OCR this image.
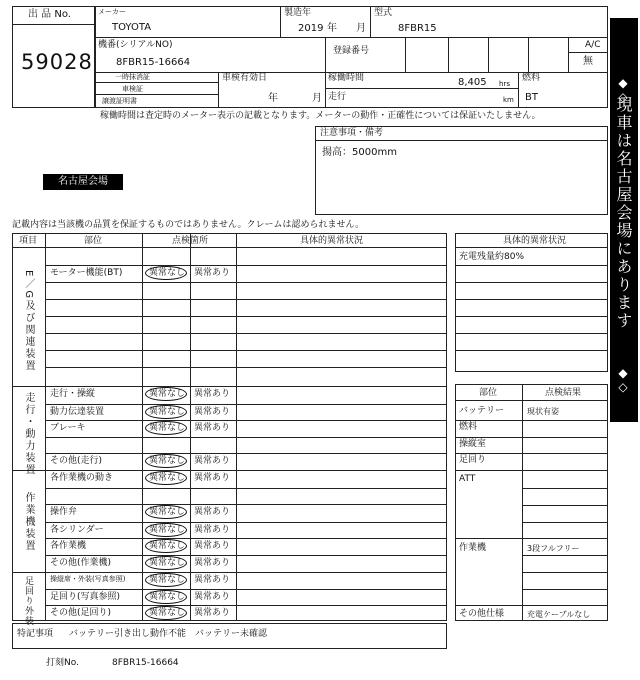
出 品 No.
59028
メーカー
TOYOTA
製造年
2019 年 月
型式
8FBR15
機番(シリアルNO)
8FBR15-16664
登録番号
A/C
無
一時抹消証
車検証
譲渡証明書
車検有効日
年	月
稼働時間	8,405 hrs
走行	km
燃料
BT
稼働時間は査定時のメーター表示の記載となります。メーターの動作・正確性については保証いたしません。
注意事項・備考
揚高：5000mm
名古屋会場
◆◇
現車は名古屋会場にあります
◆◇
記載内容は当該機の品質を保証するものではありません。クレームは認められません。
項目	部位	点検箇所	具体的異常状況
E／G及び関連装置
走行・動力装置
作業機装置
足回り外装
モーター機能(BT)	異常なし 異常あり
走行・操縦	異常なし 異常あり
動力伝達装置	異常なし 異常あり
ブレーキ	異常なし 異常あり
その他(走行)	異常なし 異常あり
各作業機の動き	異常なし 異常あり
操作弁	異常なし 異常あり
各シリンダー	異常なし 異常あり
各作業機	異常なし 異常あり
その他(作業機)	異常なし 異常あり
操縦席・外装(写真参照)	異常なし 異常あり
足回り(写真参照)	異常なし 異常あり
その他(足回り)	異常なし 異常あり
具体的異常状況
充電残量約80%
部位	点検結果
バッテリー	現状有姿
燃料
操縦室
足回り
ATT
作業機	3段フルフリー
その他仕様	充電ケーブルなし
特記事項 バッテリー引き出し動作不能　バッテリー未確認
打刻No.	8FBR15-16664
